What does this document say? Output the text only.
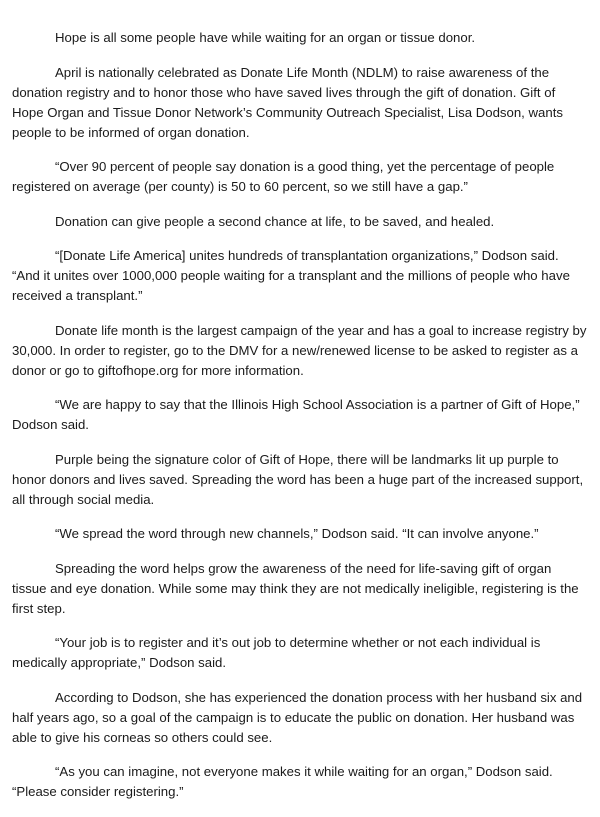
Hope is all some people have while waiting for an organ or tissue donor.

April is nationally celebrated as Donate Life Month (NDLM) to raise awareness of the donation registry and to honor those who have saved lives through the gift of donation. Gift of Hope Organ and Tissue Donor Network’s Community Outreach Specialist, Lisa Dodson, wants people to be informed of organ donation.

“Over 90 percent of people say donation is a good thing, yet the percentage of people registered on average (per county) is 50 to 60 percent, so we still have a gap.”

Donation can give people a second chance at life, to be saved, and healed.

“[Donate Life America] unites hundreds of transplantation organizations,” Dodson said. “And it unites over 1000,000 people waiting for a transplant and the millions of people who have received a transplant.”

Donate life month is the largest campaign of the year and has a goal to increase registry by 30,000. In order to register, go to the DMV for a new/renewed license to be asked to register as a donor or go to giftofhope.org for more information.

“We are happy to say that the Illinois High School Association is a partner of Gift of Hope,” Dodson said.

Purple being the signature color of Gift of Hope, there will be landmarks lit up purple to honor donors and lives saved. Spreading the word has been a huge part of the increased support, all through social media.

“We spread the word through new channels,” Dodson said. “It can involve anyone.”

Spreading the word helps grow the awareness of the need for life-saving gift of organ tissue and eye donation. While some may think they are not medically ineligible, registering is the first step.

“Your job is to register and it’s out job to determine whether or not each individual is medically appropriate,” Dodson said.

According to Dodson, she has experienced the donation process with her husband six and half years ago, so a goal of the campaign is to educate the public on donation. Her husband was able to give his corneas so others could see.

“As you can imagine, not everyone makes it while waiting for an organ,” Dodson said. “Please consider registering.”
